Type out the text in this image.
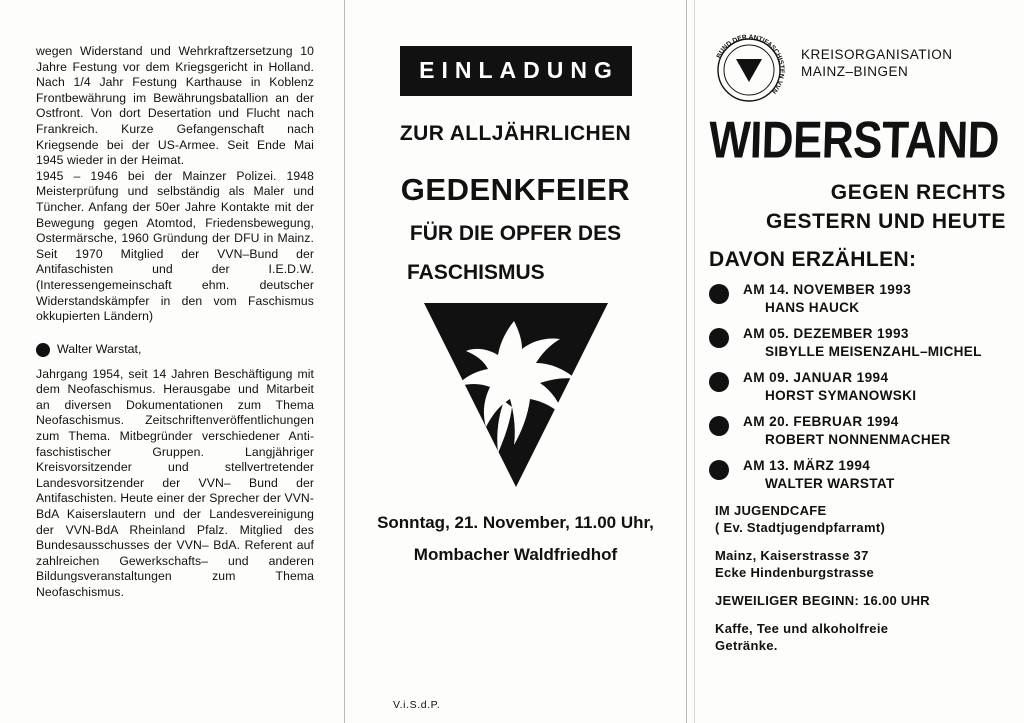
wegen Widerstand und Wehrkraftzersetzung 10 Jahre Festung vor dem Kriegsgericht in Holland. Nach 1/4 Jahr Festung Karthause in Koblenz Frontbewährung im Bewährungsbatallion an der Ostfront. Von dort Desertation und Flucht nach Frankreich. Kurze Gefangenschaft nach Kriegsende bei der US-Armee. Seit Ende Mai 1945 wieder in der Heimat.

1945 – 1946 bei der Mainzer Polizei. 1948 Meisterprüfung und selbständig als Maler und Tüncher. Anfang der 50er Jahre Kontakte mit der Bewegung gegen Atomtod, Friedensbewegung, Ostermärsche, 1960 Gründung der DFU in Mainz. Seit 1970 Mitglied der VVN–Bund der Antifaschisten und der I.E.D.W. (Interessengemeinschaft ehm. deutscher Widerstandskämpfer in den vom Faschismus okkupierten Ländern)

Walter Warstat,

Jahrgang 1954, seit 14 Jahren Beschäftigung mit dem Neofaschismus. Herausgabe und Mitarbeit an diversen Dokumentationen zum Thema Neofaschismus. Zeitschriftenveröffentlichungen zum Thema. Mitbegründer verschiedener Antifaschistischer Gruppen. Langjähriger Kreisvorsitzender und stellvertretender Landesvorsitzender der VVN– Bund der Antifaschisten. Heute einer der Sprecher der VVN-BdA Kaiserslautern und der Landesvereinigung der VVN-BdA Rheinland Pfalz. Mitglied des Bundesausschusses der VVN– BdA. Referent auf zahlreichen Gewerkschafts– und anderen Bildungsveranstaltungen zum Thema Neofaschismus.

EINLADUNG
ZUR ALLJÄHRLICHEN
GEDENKFEIER
FÜR DIE OPFER DES
FASCHISMUS
Sonntag, 21. November, 11.00 Uhr,
Mombacher Waldfriedhof
V.i.S.d.P.
BUND DER ANTIFASCHISTEN VVN
KREISORGANISATION
MAINZ–BINGEN
WIDERSTAND
GEGEN RECHTS
GESTERN UND HEUTE
DAVON ERZÄHLEN:
AM 14. NOVEMBER 1993
HANS HAUCK
AM 05. DEZEMBER 1993
SIBYLLE MEISENZAHL–MICHEL
AM 09. JANUAR 1994
HORST SYMANOWSKI
AM 20. FEBRUAR 1994
ROBERT NONNENMACHER
AM 13. MÄRZ 1994
WALTER WARSTAT
IM JUGENDCAFE
( Ev. Stadtjugendpfarramt)
Mainz, Kaiserstrasse 37
Ecke Hindenburgstrasse
JEWEILIGER BEGINN: 16.00 UHR
Kaffe, Tee und alkoholfreie
Getränke.
